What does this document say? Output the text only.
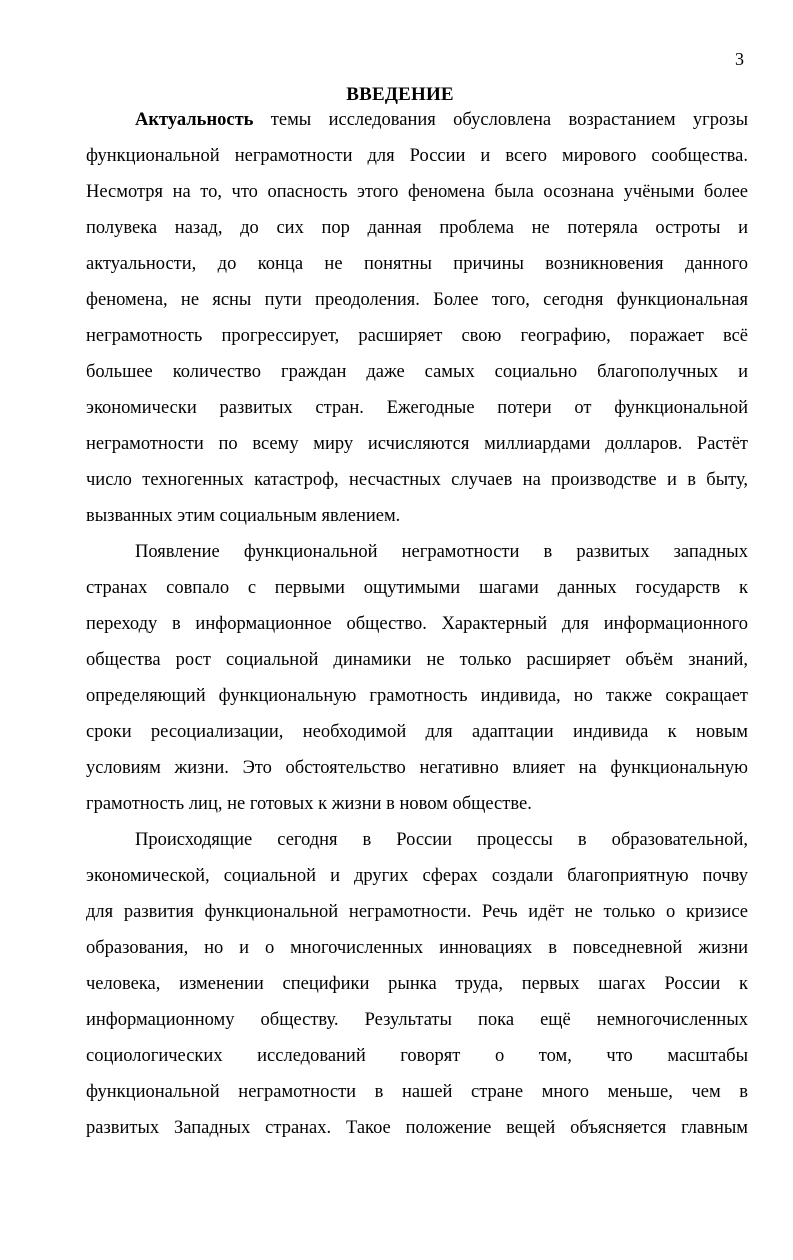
3
ВВЕДЕНИЕ

Актуальность темы исследования обусловлена возрастанием угрозы
функциональной неграмотности для России и всего мирового сообщества.
Несмотря на то, что опасность этого феномена была осознана учёными более
полувека назад, до сих пор данная проблема не потеряла остроты и
актуальности, до конца не понятны причины возникновения данного
феномена, не ясны пути преодоления. Более того, сегодня функциональная
неграмотность прогрессирует, расширяет свою географию, поражает всё
большее количество граждан даже самых социально благополучных и
экономически развитых стран. Ежегодные потери от функциональной
неграмотности по всему миру исчисляются миллиардами долларов. Растёт
число техногенных катастроф, несчастных случаев на производстве и в быту,
вызванных этим социальным явлением.

Появление функциональной неграмотности в развитых западных
странах совпало с первыми ощутимыми шагами данных государств к
переходу в информационное общество. Характерный для информационного
общества рост социальной динамики не только расширяет объём знаний,
определяющий функциональную грамотность индивида, но также сокращает
сроки ресоциализации, необходимой для адаптации индивида к новым
условиям жизни. Это обстоятельство негативно влияет на функциональную
грамотность лиц, не готовых к жизни в новом обществе.

Происходящие сегодня в России процессы в образовательной,
экономической, социальной и других сферах создали благоприятную почву
для развития функциональной неграмотности. Речь идёт не только о кризисе
образования, но и о многочисленных инновациях в повседневной жизни
человека, изменении специфики рынка труда, первых шагах России к
информационному обществу. Результаты пока ещё немногочисленных
социологических исследований говорят о том, что масштабы
функциональной неграмотности в нашей стране много меньше, чем в
развитых Западных странах. Такое положение вещей объясняется главным
